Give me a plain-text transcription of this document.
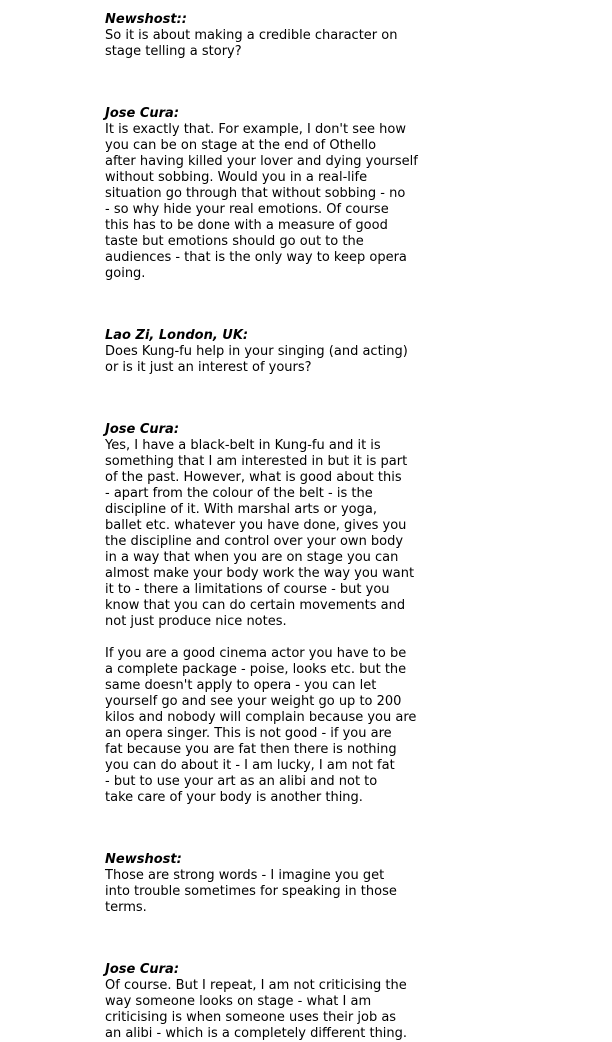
Newshost::

So it is about making a credible character on
stage telling a story?

Jose Cura:

It is exactly that. For example, I don't see how
you can be on stage at the end of Othello
after having killed your lover and dying yourself
without sobbing. Would you in a real-life
situation go through that without sobbing - no
- so why hide your real emotions. Of course
this has to be done with a measure of good
taste but emotions should go out to the
audiences - that is the only way to keep opera
going.

Lao Zi, London, UK:

Does Kung-fu help in your singing (and acting)
or is it just an interest of yours?

Jose Cura:

Yes, I have a black-belt in Kung-fu and it is
something that I am interested in but it is part
of the past. However, what is good about this
- apart from the colour of the belt - is the
discipline of it. With marshal arts or yoga,
ballet etc. whatever you have done, gives you
the discipline and control over your own body
in a way that when you are on stage you can
almost make your body work the way you want
it to - there a limitations of course - but you
know that you can do certain movements and
not just produce nice notes.

If you are a good cinema actor you have to be
a complete package - poise, looks etc. but the
same doesn't apply to opera - you can let
yourself go and see your weight go up to 200
kilos and nobody will complain because you are
an opera singer. This is not good - if you are
fat because you are fat then there is nothing
you can do about it - I am lucky, I am not fat
- but to use your art as an alibi and not to
take care of your body is another thing.

Newshost:

Those are strong words - I imagine you get
into trouble sometimes for speaking in those
terms.

Jose Cura:

Of course. But I repeat, I am not criticising the
way someone looks on stage - what I am
criticising is when someone uses their job as
an alibi - which is a completely different thing.
